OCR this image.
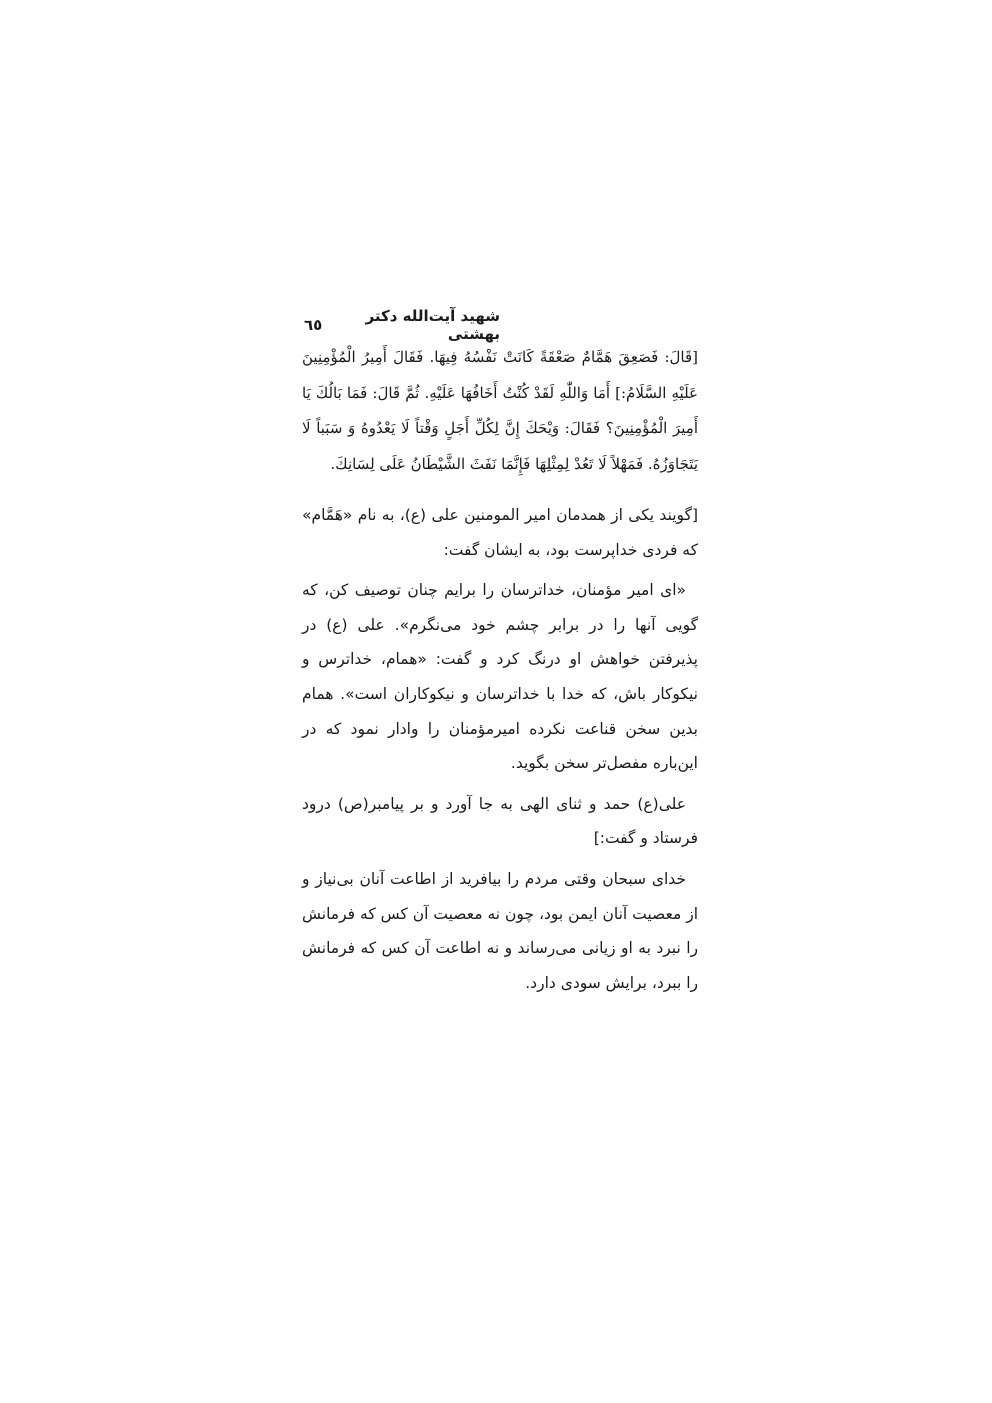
شهید آیت‌الله دکتر بهشتی
٦٥

[قَالَ: فَصَعِقَ هَمَّامٌ صَعْقَةً كَانَتْ نَفْسُهُ فِيهَا. فَقَالَ أَمِيرُ الْمُؤْمِنِينَ عَلَيْهِ السَّلَامُ:] أَمَا وَاللّٰهِ لَقَدْ كُنْتُ أَخَافُهَا عَلَيْهِ. ثُمَّ قَالَ: فَمَا بَالُكَ يَا أَمِيرَ الْمُؤْمِنِينَ؟ فَقَالَ: وَيْحَكَ إِنَّ لِكُلِّ أَجَلٍ وَقْتاً لَا يَعْدُوهُ وَ سَبَباً لَا يَتَجَاوَزُهُ. فَمَهْلاً لَا تَعُدْ لِمِثْلِهَا فَإِنَّمَا نَفَثَ الشَّيْطَانُ عَلَى لِسَانِكَ.

[گویند یکی از همدمان امیر المومنین علی (ع)، به نام «هَمَّام» که فردی خداپرست بود، به ایشان گفت:

«ای امیر مؤمنان، خداترسان را برایم چنان توصیف کن، که گویی آنها را در برابر چشم خود می‌نگرم». علی (ع) در پذیرفتن خواهش او درنگ کرد و گفت: «همام، خداترس و نیکوکار باش، که خدا با خداترسان و نیکوکاران است». همام بدین سخن قناعت نکرده امیرمؤمنان را وادار نمود که در این‌باره مفصل‌تر سخن بگوید.

علی(ع) حمد و ثنای الهی به جا آورد و بر پیامبر(ص) درود فرستاد و گفت:]

خدای سبحان وقتی مردم را بیافرید از اطاعت آنان بی‌نیاز و از معصیت آنان ایمن بود، چون نه معصیت آن کس که فرمانش را نبرد به او زیانی می‌رساند و نه اطاعت آن کس که فرمانش را ببرد، برایش سودی دارد.
